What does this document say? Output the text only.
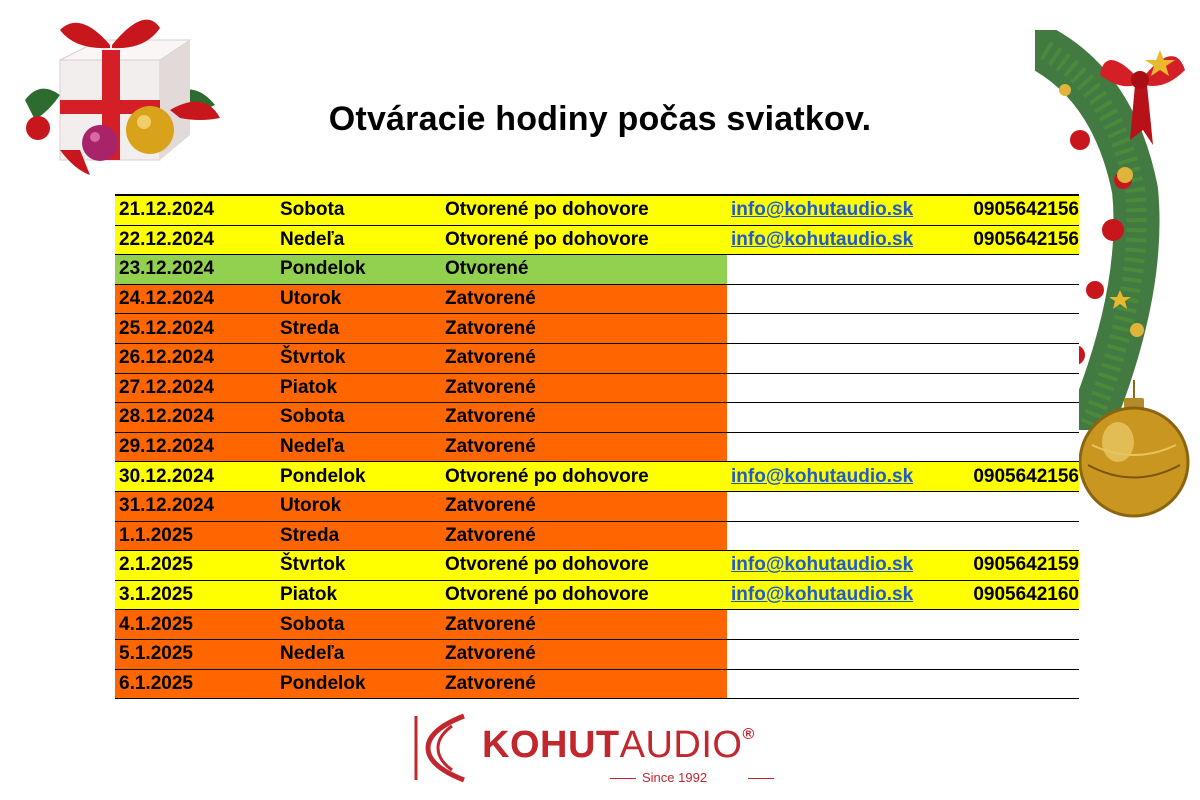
Otváracie hodiny počas sviatkov.
21.12.2024	Sobota	Otvorené po dohovore	info@kohutaudio.sk	0905642156
22.12.2024	Nedeľa	Otvorené po dohovore	info@kohutaudio.sk	0905642156
23.12.2024	Pondelok	Otvorené		
24.12.2024	Utorok	Zatvorené		
25.12.2024	Streda	Zatvorené		
26.12.2024	Štvrtok	Zatvorené		
27.12.2024	Piatok	Zatvorené		
28.12.2024	Sobota	Zatvorené		
29.12.2024	Nedeľa	Zatvorené		
30.12.2024	Pondelok	Otvorené po dohovore	info@kohutaudio.sk	0905642156
31.12.2024	Utorok	Zatvorené		
1.1.2025	Streda	Zatvorené		
2.1.2025	Štvrtok	Otvorené po dohovore	info@kohutaudio.sk	0905642159
3.1.2025	Piatok	Otvorené po dohovore	info@kohutaudio.sk	0905642160
4.1.2025	Sobota	Zatvorené		
5.1.2025	Nedeľa	Zatvorené		
6.1.2025	Pondelok	Zatvorené		
KOHUTAUDIO®
Since 1992
